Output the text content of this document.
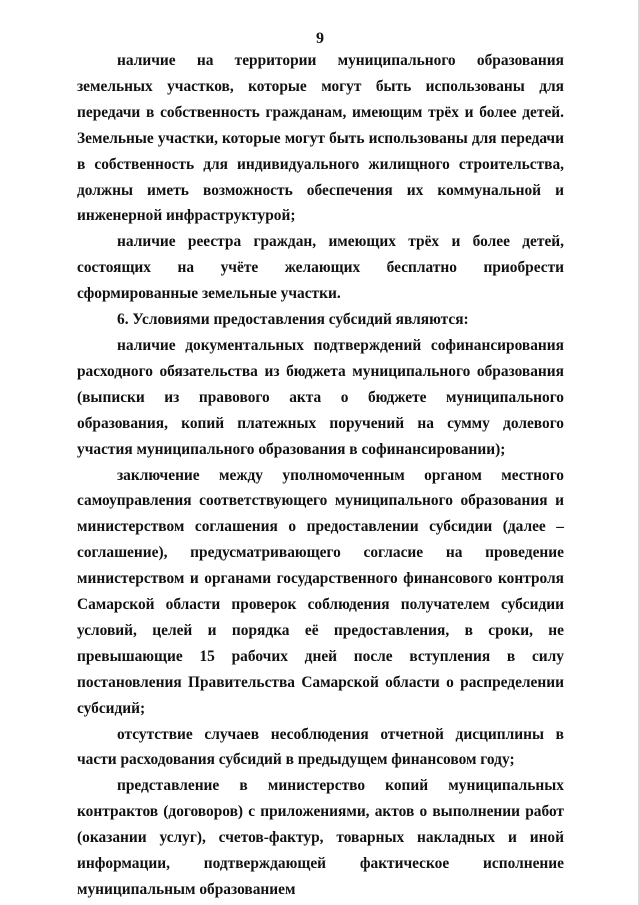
9

наличие на территории муниципального образования земельных участков, которые могут быть использованы для передачи в собственность гражданам, имеющим трёх и более детей. Земельные участки, которые могут быть использованы для передачи в собственность для индивидуального жилищного строительства, должны иметь возможность обеспечения их коммунальной и инженерной инфраструктурой;

наличие реестра граждан, имеющих трёх и более детей, состоящих на учёте желающих бесплатно приобрести сформированные земельные участки.

6. Условиями предоставления субсидий являются:

наличие документальных подтверждений софинансирования расходного обязательства из бюджета муниципального образования (выписки из правового акта о бюджете муниципального образования, копий платежных поручений на сумму долевого участия муниципального образования в софинансировании);

заключение между уполномоченным органом местного самоуправления соответствующего муниципального образования и министерством соглашения о предоставлении субсидии (далее – соглашение), предусматривающего согласие на проведение министерством и органами государственного финансового контроля Самарской области проверок соблюдения получателем субсидии условий, целей и порядка её предоставления, в сроки, не превышающие 15 рабочих дней после вступления в силу постановления Правительства Самарской области о распределении субсидий;

отсутствие случаев несоблюдения отчетной дисциплины в части расходования субсидий в предыдущем финансовом году;

представление в министерство копий муниципальных контрактов (договоров) с приложениями, актов о выполнении работ (оказании услуг), счетов-фактур, товарных накладных и иной информации, подтверждающей фактическое исполнение муниципальным образованием
